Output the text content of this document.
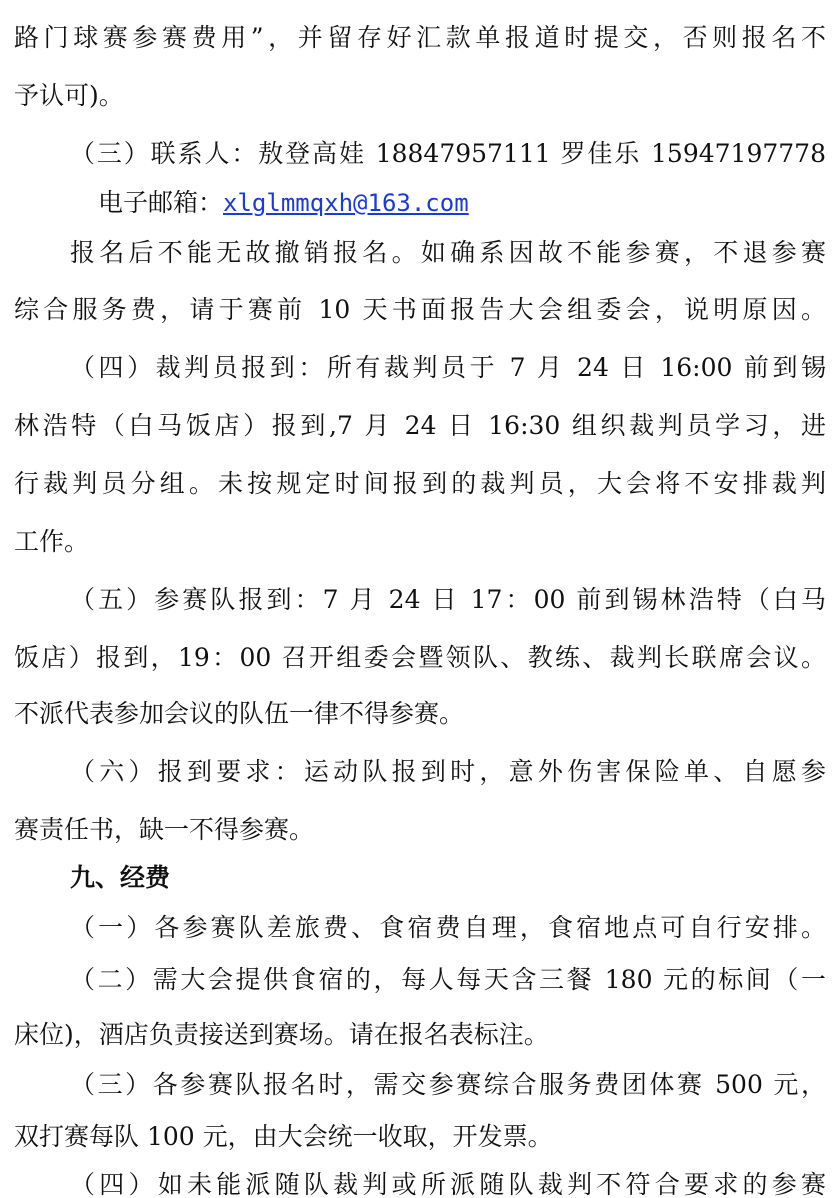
路门球赛参赛费用”，并留存好汇款单报道时提交，否则报名不
予认可)。
（三）联系人：敖登高娃 18847957111 罗佳乐 15947197778
电子邮箱：xlglmmqxh@163.com
报名后不能无故撤销报名。如确系因故不能参赛，不退参赛
综合服务费，请于赛前 10 天书面报告大会组委会，说明原因。
（四）裁判员报到：所有裁判员于 7 月 24 日 16:00 前到锡
林浩特（白马饭店）报到,7 月 24 日 16:30 组织裁判员学习，进
行裁判员分组。未按规定时间报到的裁判员，大会将不安排裁判
工作。
（五）参赛队报到：7 月 24 日 17：00 前到锡林浩特（白马
饭店）报到，19：00 召开组委会暨领队、教练、裁判长联席会议。
不派代表参加会议的队伍一律不得参赛。
（六）报到要求：运动队报到时，意外伤害保险单、自愿参
赛责任书，缺一不得参赛。
九、经费
（一）各参赛队差旅费、食宿费自理，食宿地点可自行安排。
（二）需大会提供食宿的，每人每天含三餐 180 元的标间（一
床位)，酒店负责接送到赛场。请在报名表标注。
（三）各参赛队报名时，需交参赛综合服务费团体赛 500 元，
双打赛每队 100 元，由大会统一收取，开发票。
（四）如未能派随队裁判或所派随队裁判不符合要求的参赛
